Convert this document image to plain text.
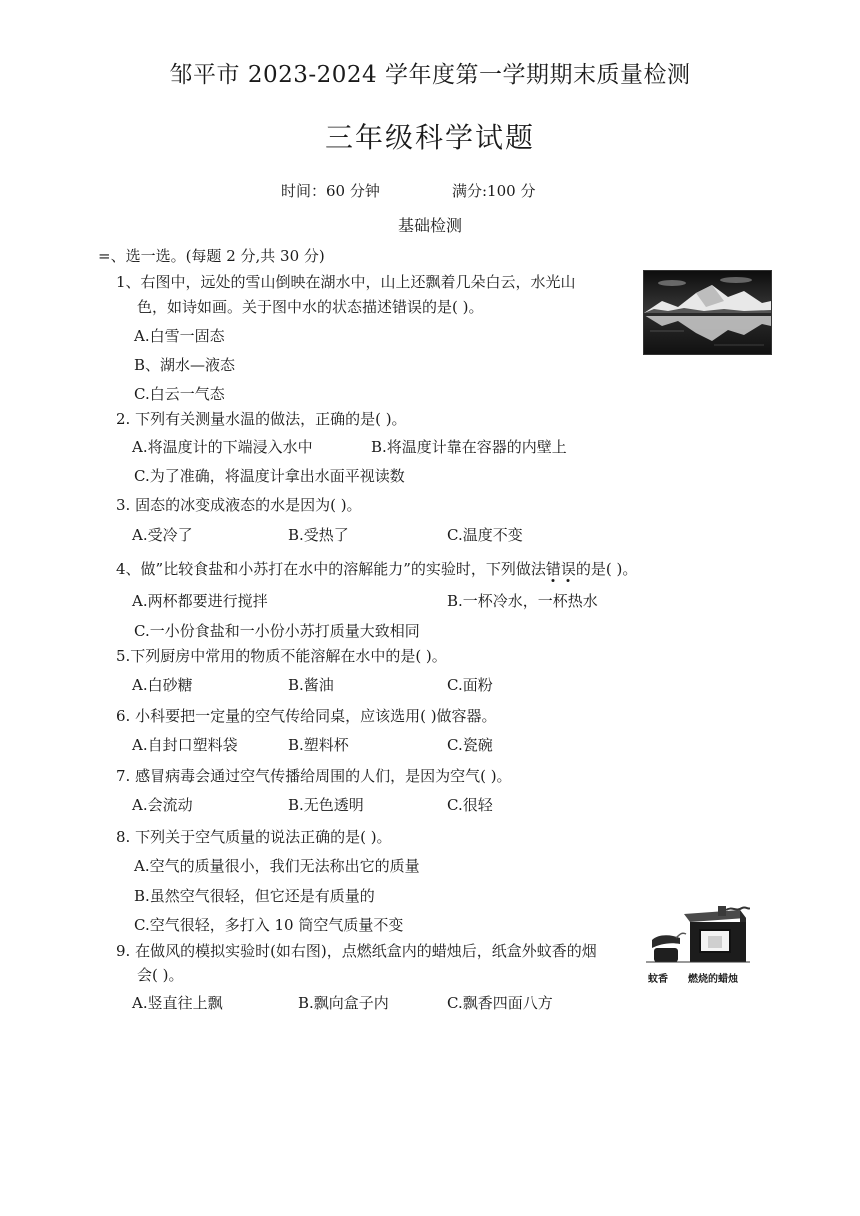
邹平市 2023-2024 学年度第一学期期末质量检测
三年级科学试题
时间：60 分钟	满分:100 分
基础检测
=、选一选。(每题 2 分,共 30 分)
1、右图中，远处的雪山倒映在湖水中，山上还飘着几朵白云，水光山
色，如诗如画。关于图中水的状态描述错误的是( )。
A.白雪一固态
B、湖水—液态
C.白云一气态
2. 下列有关测量水温的做法，正确的是( )。
A.将温度计的下端浸入水中	B.将温度计靠在容器的内壁上
C.为了准确，将温度计拿出水面平视读数
3. 固态的冰变成液态的水是因为( )。
A.受冷了	B.受热了	C.温度不变
4、做”比较食盐和小苏打在水中的溶解能力”的实验时，下列做法错误的是( )。
A.两杯都要进行搅拌	B.一杯冷水，一杯热水
C.一小份食盐和一小份小苏打质量大致相同
5.下列厨房中常用的物质不能溶解在水中的是( )。
A.白砂糖	B.酱油	C.面粉
6. 小科要把一定量的空气传给同桌，应该选用( )做容器。
A.自封口塑料袋	B.塑料杯	C.瓷碗
7. 感冒病毒会通过空气传播给周围的人们，是因为空气( )。
A.会流动	B.无色透明	C.很轻
8. 下列关于空气质量的说法正确的是( )。
A.空气的质量很小，我们无法称出它的质量
B.虽然空气很轻，但它还是有质量的
C.空气很轻，多打入 10 筒空气质量不变
9. 在做风的模拟实验时(如右图)，点燃纸盒内的蜡烛后，纸盒外蚊香的烟
会( )。
A.竖直往上飘	B.飘向盒子内	C.飘香四面八方
蚊香 燃烧的蜡烛
